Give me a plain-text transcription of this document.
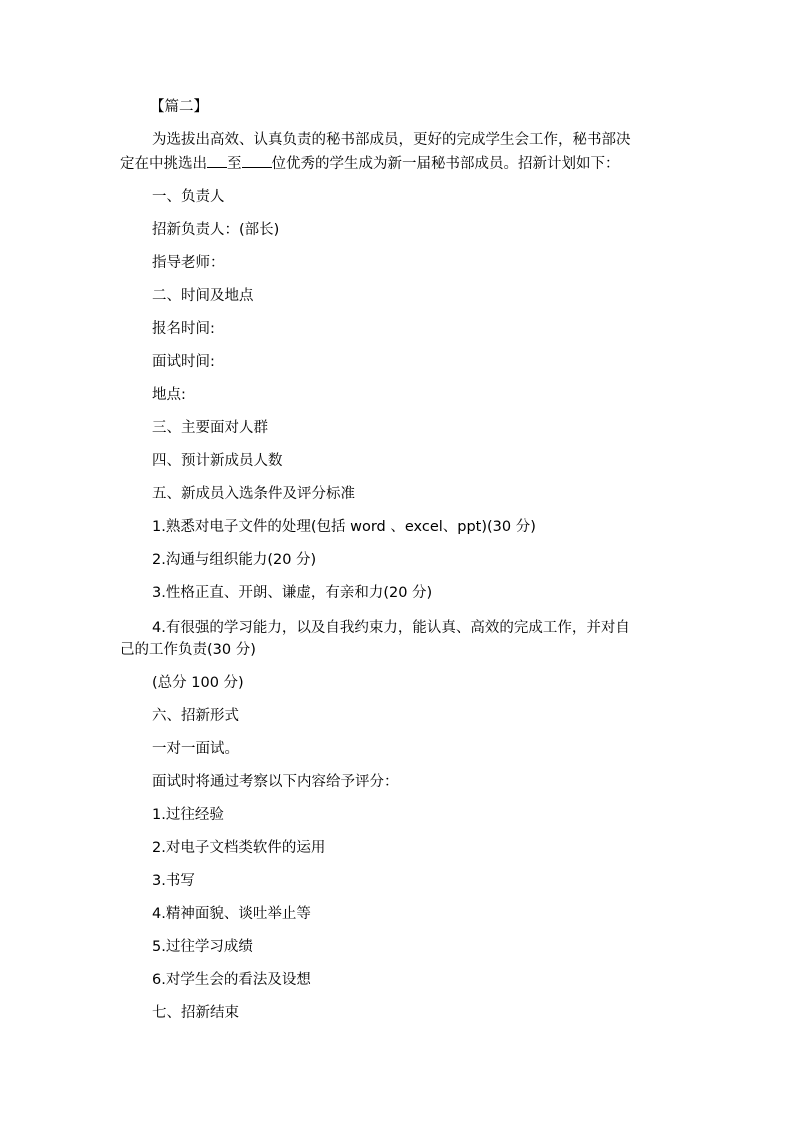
【篇二】
为选拔出高效、认真负责的秘书部成员，更好的完成学生会工作，秘书部决
定在中挑选出 至 位优秀的学生成为新一届秘书部成员。招新计划如下：
一、负责人
招新负责人：(部长)
指导老师：
二、时间及地点
报名时间:
面试时间:
地点:
三、主要面对人群
四、预计新成员人数
五、新成员入选条件及评分标准
1.熟悉对电子文件的处理(包括 word 、excel、ppt)(30 分)
2.沟通与组织能力(20 分)
3.性格正直、开朗、谦虚，有亲和力(20 分)
4.有很强的学习能力，以及自我约束力，能认真、高效的完成工作，并对自
己的工作负责(30 分)
(总分 100 分)
六、招新形式
一对一面试。
面试时将通过考察以下内容给予评分：
1.过往经验
2.对电子文档类软件的运用
3.书写
4.精神面貌、谈吐举止等
5.过往学习成绩
6.对学生会的看法及设想
七、招新结束
